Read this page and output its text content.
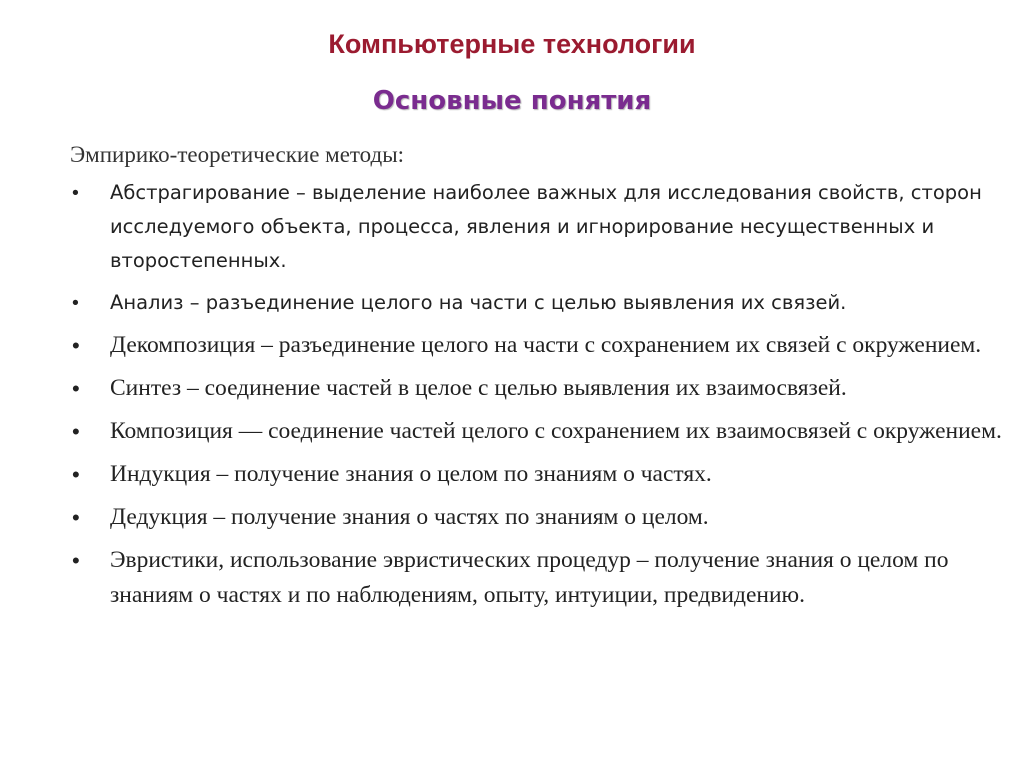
Компьютерные технологии
Основные понятия
Эмпирико-теоретические методы:
• Абстрагирование – выделение наиболее важных для исследования свойств, сторон исследуемого объекта, процесса, явления и игнорирование несущественных и второстепенных.
• Анализ – разъединение целого на части с целью выявления их связей.
• Декомпозиция – разъединение целого на части с сохранением их связей с окружением.
• Синтез – соединение частей в целое с целью выявления их взаимосвязей.
• Композиция — соединение частей целого с сохранением их взаимосвязей с окружением.
• Индукция – получение знания о целом по знаниям о частях.
• Дедукция – получение знания о частях по знаниям о целом.
• Эвристики, использование эвристических процедур – получение знания о целом по знаниям о частях и по наблюдениям, опыту, интуиции, предвидению.
